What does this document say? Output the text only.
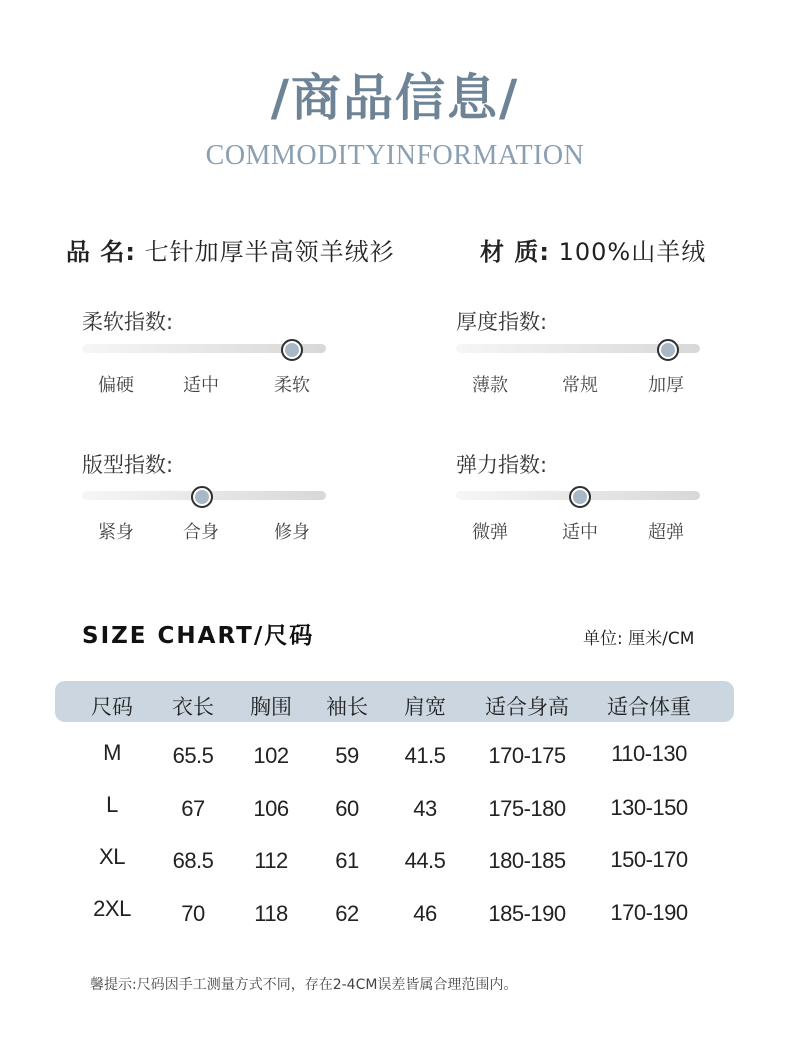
/商品信息/
COMMODITYINFORMATION
品 名: 七针加厚半高领羊绒衫	材 质: 100%山羊绒
柔软指数:
偏硬	适中	柔软
厚度指数:
薄款	常规	加厚
版型指数:
紧身	合身	修身
弹力指数:
微弹	适中	超弹
SIZE CHART/尺码	单位: 厘米/CM
尺码 衣长 胸围 袖长 肩宽 适合身高 适合体重
M 65.5 102 59 41.5 170-175 110-130
L	67 106 60 43 175-180 130-150
XL 68.5 112 61 44.5 180-185 150-170
2XL 70 118 62 46 185-190 170-190
馨提示:尺码因手工测量方式不同，存在2-4CM误差皆属合理范围内。
